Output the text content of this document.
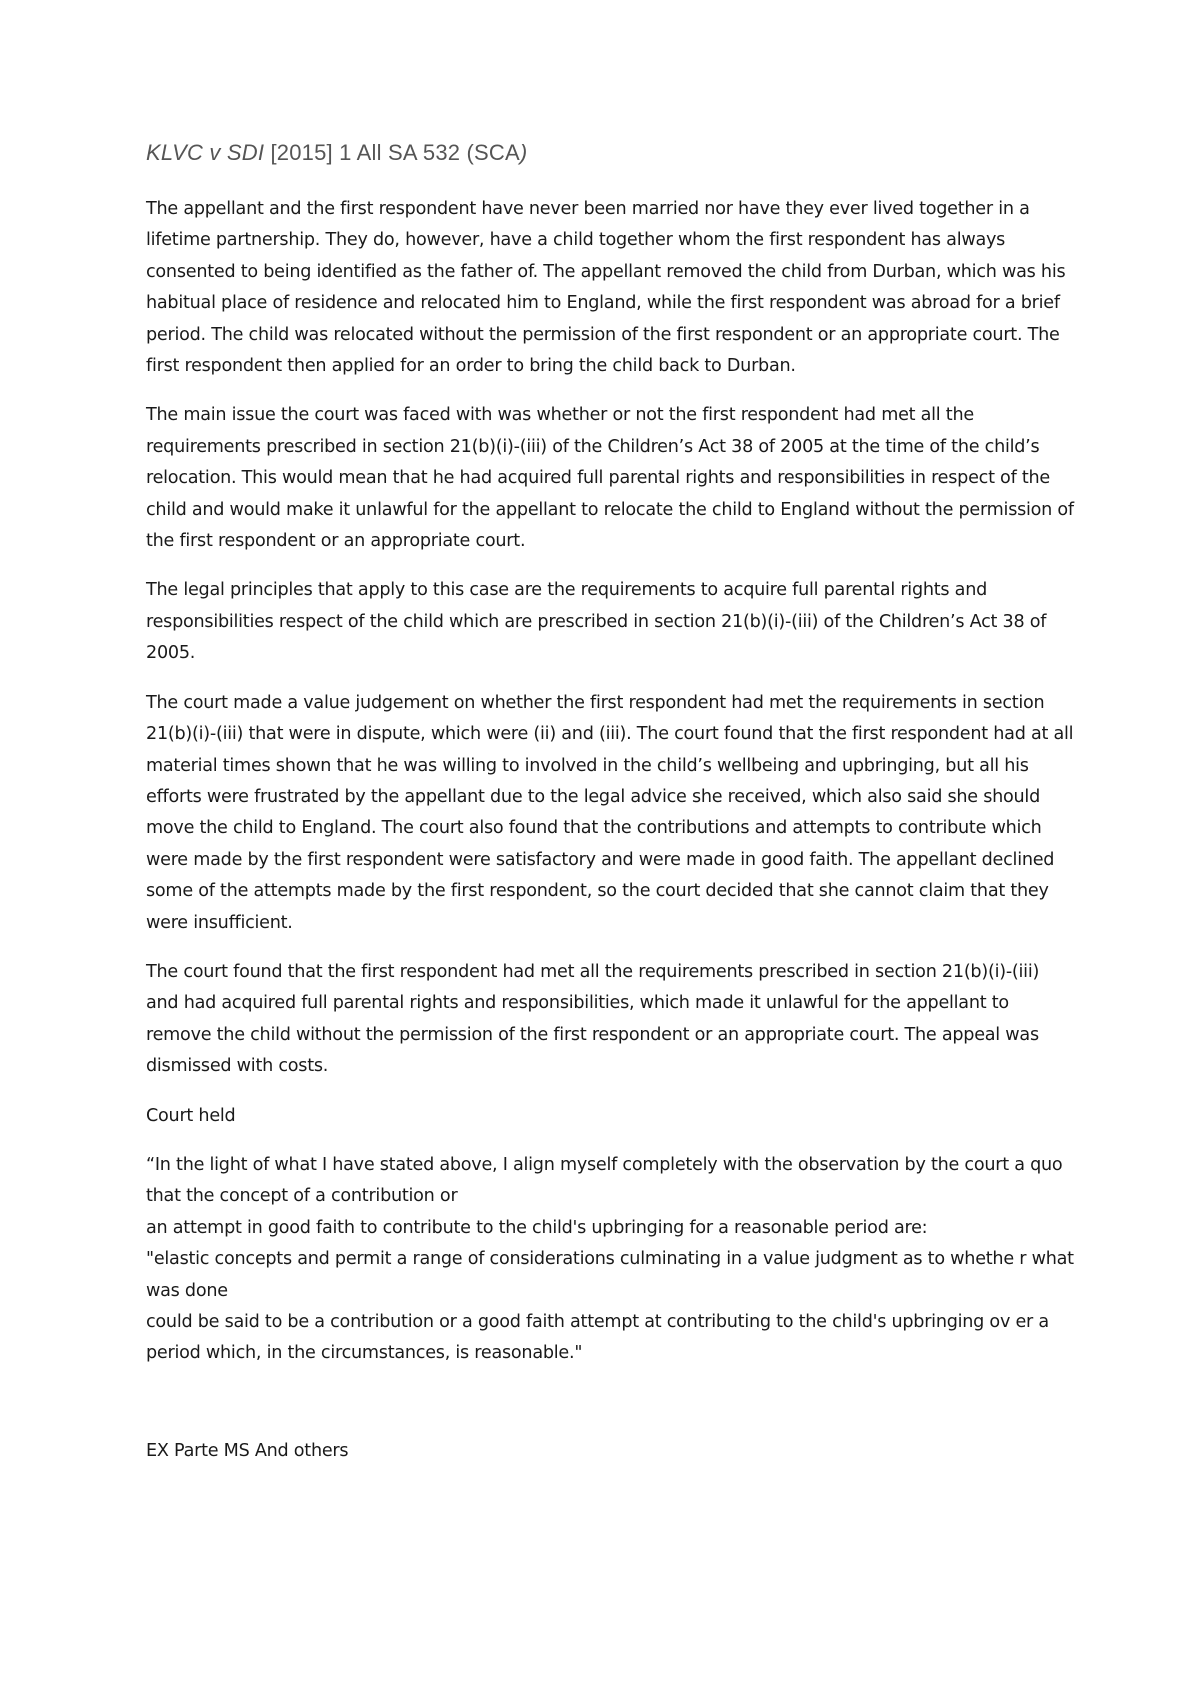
KLVC v SDI [2015] 1 All SA 532 (SCA)

The appellant and the first respondent have never been married nor have they ever lived together in a lifetime partnership. They do, however, have a child together whom the first respondent has always consented to being identified as the father of. The appellant removed the child from Durban, which was his habitual place of residence and relocated him to England, while the first respondent was abroad for a brief period. The child was relocated without the permission of the first respondent or an appropriate court. The first respondent then applied for an order to bring the child back to Durban.

The main issue the court was faced with was whether or not the first respondent had met all the requirements prescribed in section 21(b)(i)-(iii) of the Children’s Act 38 of 2005 at the time of the child’s relocation. This would mean that he had acquired full parental rights and responsibilities in respect of the child and would make it unlawful for the appellant to relocate the child to England without the permission of the first respondent or an appropriate court.

The legal principles that apply to this case are the requirements to acquire full parental rights and responsibilities respect of the child which are prescribed in section 21(b)(i)-(iii) of the Children’s Act 38 of 2005.

The court made a value judgement on whether the first respondent had met the requirements in section 21(b)(i)-(iii) that were in dispute, which were (ii) and (iii). The court found that the first respondent had at all material times shown that he was willing to involved in the child’s wellbeing and upbringing, but all his efforts were frustrated by the appellant due to the legal advice she received, which also said she should move the child to England. The court also found that the contributions and attempts to contribute which were made by the first respondent were satisfactory and were made in good faith. The appellant declined some of the attempts made by the first respondent, so the court decided that she cannot claim that they were insufficient.

The court found that the first respondent had met all the requirements prescribed in section 21(b)(i)-(iii) and had acquired full parental rights and responsibilities, which made it unlawful for the appellant to remove the child without the permission of the first respondent or an appropriate court. The appeal was dismissed with costs.

Court held

“In the light of what I have stated above, I align myself completely with the observation by the court a quo that the concept of a contribution or
an attempt in good faith to contribute to the child's upbringing for a reasonable period are:
"elastic concepts and permit a range of considerations culminating in a value judgment as to whethe r what was done
could be said to be a contribution or a good faith attempt at contributing to the child's upbringing ov er a period which, in the circumstances, is reasonable."

EX Parte MS And others
